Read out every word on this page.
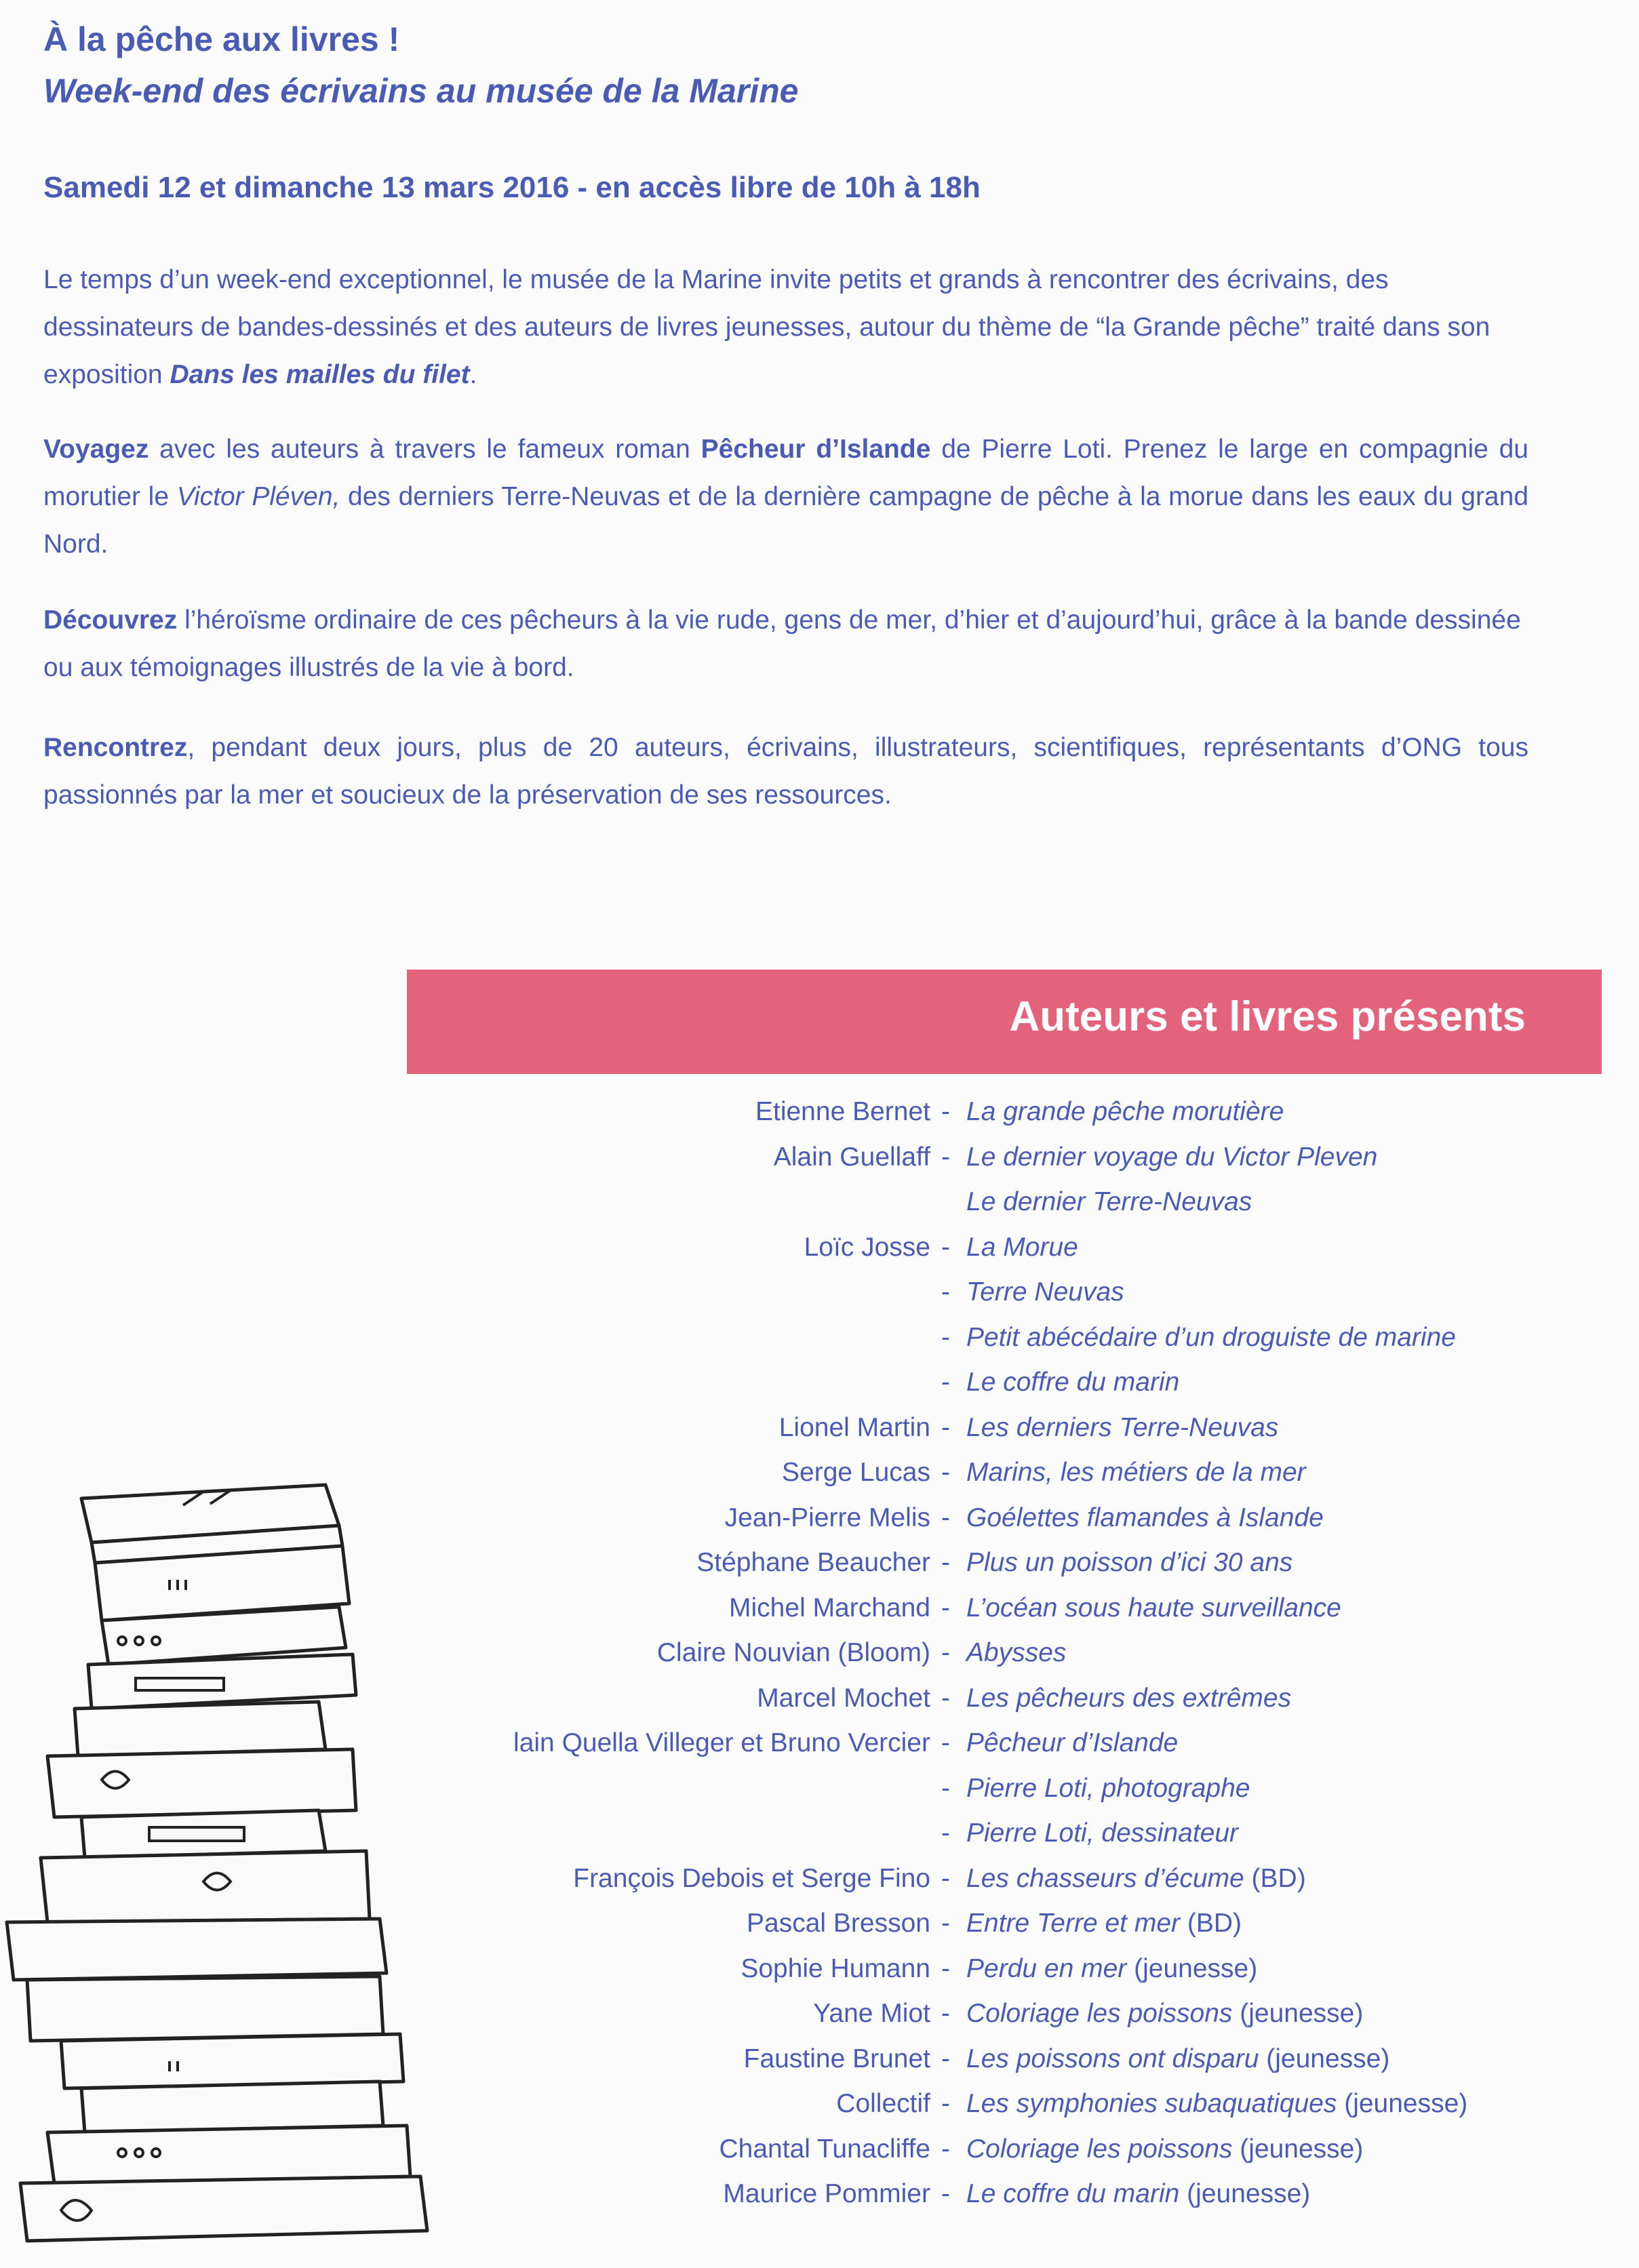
À la pêche aux livres !
Week-end des écrivains au musée de la Marine

Samedi 12 et dimanche 13 mars 2016 - en accès libre de 10h à 18h

Le temps d’un week-end exceptionnel, le musée de la Marine invite petits et grands à rencontrer des écrivains, des dessinateurs de bandes-dessinés et des auteurs de livres jeunesses, autour du thème de “la Grande pêche” traité dans son exposition Dans les mailles du filet.

Voyagez avec les auteurs à travers le fameux roman Pêcheur d’Islande de Pierre Loti. Prenez le large en compagnie du morutier le Victor Pléven, des derniers Terre-Neuvas et de la dernière campagne de pêche à la morue dans les eaux du grand Nord.

Découvrez l’héroïsme ordinaire de ces pêcheurs à la vie rude, gens de mer, d’hier et d’aujourd’hui, grâce à la bande dessinée ou aux témoignages illustrés de la vie à bord.

Rencontrez, pendant deux jours, plus de 20 auteurs, écrivains, illustrateurs, scientifiques, représentants d’ONG tous passionnés par la mer et soucieux de la préservation de ses ressources.

Auteurs et livres présents
Etienne Bernet - La grande pêche morutière
Alain Guellaff - Le dernier voyage du Victor Pleven
Le dernier Terre-Neuvas
Loïc Josse - La Morue
- Terre Neuvas
- Petit abécédaire d’un droguiste de marine
- Le coffre du marin
Lionel Martin - Les derniers Terre-Neuvas
Serge Lucas - Marins, les métiers de la mer
Jean-Pierre Melis - Goélettes flamandes à Islande
Stéphane Beaucher - Plus un poisson d’ici 30 ans
Michel Marchand - L’océan sous haute surveillance
Claire Nouvian (Bloom) - Abysses
Marcel Mochet - Les pêcheurs des extrêmes
lain Quella Villeger et Bruno Vercier - Pêcheur d’Islande
- Pierre Loti, photographe
- Pierre Loti, dessinateur
François Debois et Serge Fino - Les chasseurs d’écume (BD)
Pascal Bresson - Entre Terre et mer (BD)
Sophie Humann - Perdu en mer (jeunesse)
Yane Miot - Coloriage les poissons (jeunesse)
Faustine Brunet - Les poissons ont disparu (jeunesse)
Collectif - Les symphonies subaquatiques (jeunesse)
Chantal Tunacliffe - Coloriage les poissons (jeunesse)
Maurice Pommier - Le coffre du marin (jeunesse)
